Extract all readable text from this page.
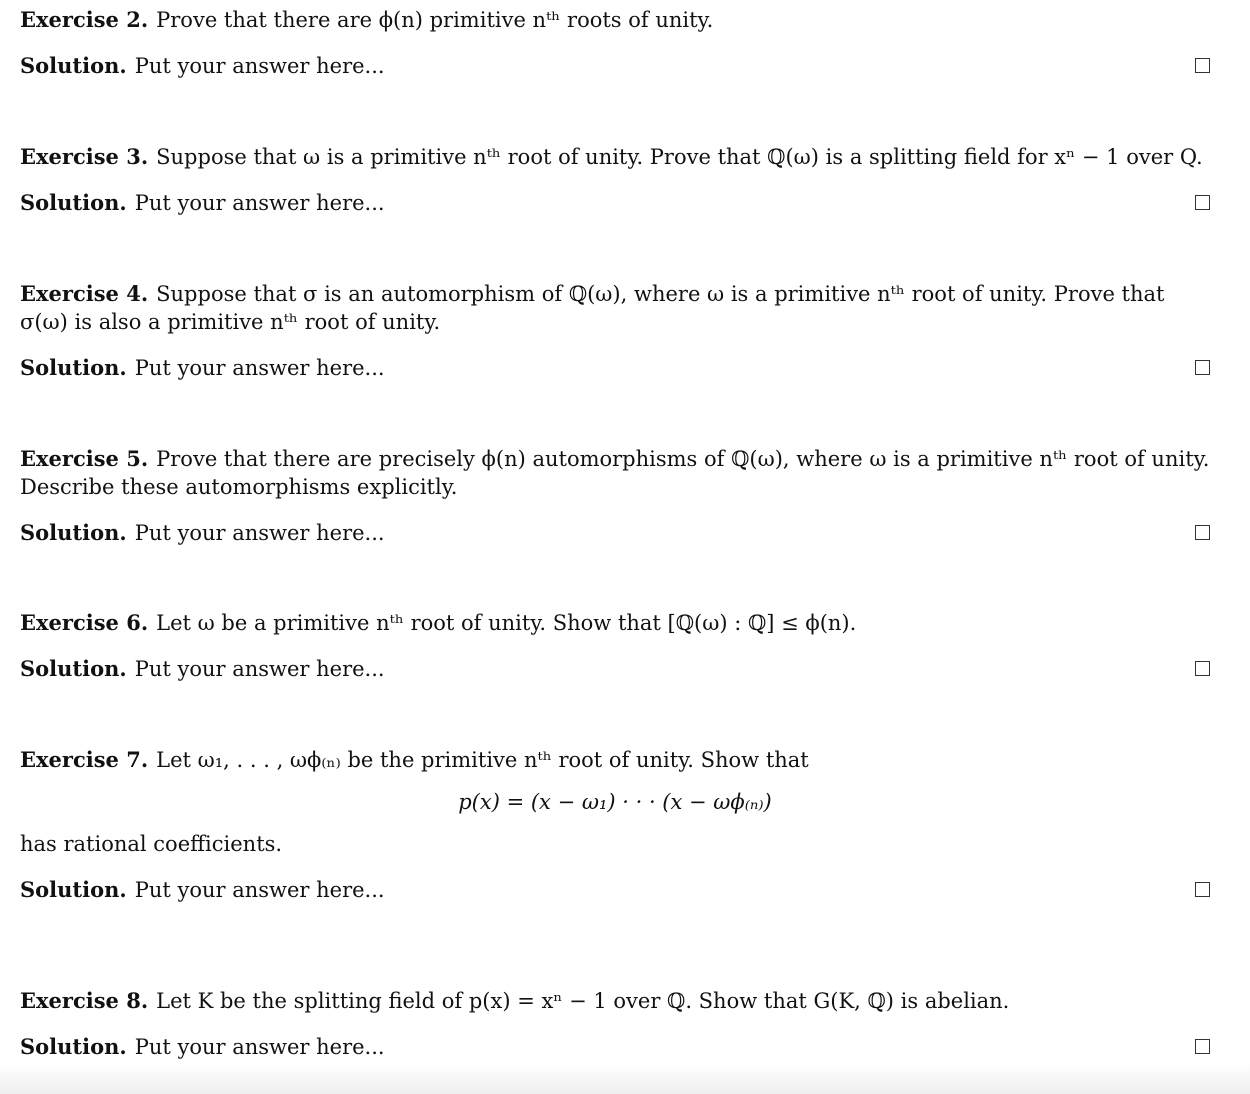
Exercise 2. Prove that there are ϕ(n) primitive nᵗʰ roots of unity.

Solution. Put your answer here...

Exercise 3. Suppose that ω is a primitive nᵗʰ root of unity. Prove that ℚ(ω) is a splitting field for xⁿ − 1 over Q.

Solution. Put your answer here...

Exercise 4. Suppose that σ is an automorphism of ℚ(ω), where ω is a primitive nᵗʰ root of unity. Prove that σ(ω) is also a primitive nᵗʰ root of unity.

Solution. Put your answer here...

Exercise 5. Prove that there are precisely ϕ(n) automorphisms of ℚ(ω), where ω is a primitive nᵗʰ root of unity. Describe these automorphisms explicitly.

Solution. Put your answer here...

Exercise 6. Let ω be a primitive nᵗʰ root of unity. Show that [ℚ(ω) : ℚ] ≤ ϕ(n).

Solution. Put your answer here...

Exercise 7. Let ω₁, . . . , ωϕ₍ₙ₎ be the primitive nᵗʰ root of unity. Show that

p(x) = (x − ω₁) · · · (x − ωϕ₍ₙ₎)

has rational coefficients.

Solution. Put your answer here...

Exercise 8. Let K be the splitting field of p(x) = xⁿ − 1 over ℚ. Show that G(K, ℚ) is abelian.

Solution. Put your answer here...
